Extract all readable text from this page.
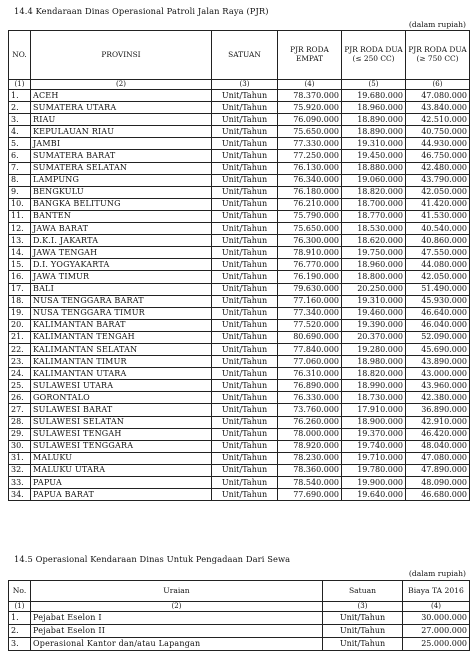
14.4 Kendaraan Dinas Operasional Patroli Jalan Raya (PJR)
(dalam rupiah)
NO.	PROVINSI	SATUAN	PJR RODA EMPAT	PJR RODA DUA (≤ 250 CC)	PJR RODA DUA (≥ 750 CC)
(1)	(2)	(3)	(4)	(5)	(6)
1.	ACEH	Unit/Tahun	78.370.000	19.680.000	47.080.000
2.	SUMATERA UTARA	Unit/Tahun	75.920.000	18.960.000	43.840.000
3.	RIAU	Unit/Tahun	76.090.000	18.890.000	42.510.000
4.	KEPULAUAN RIAU	Unit/Tahun	75.650.000	18.890.000	40.750.000
5.	JAMBI	Unit/Tahun	77.330.000	19.310.000	44.930.000
6.	SUMATERA BARAT	Unit/Tahun	77.250.000	19.450.000	46.750.000
7.	SUMATERA SELATAN	Unit/Tahun	76.130.000	18.880.000	42.480.000
8.	LAMPUNG	Unit/Tahun	76.340.000	19.060.000	43.790.000
9.	BENGKULU	Unit/Tahun	76.180.000	18.820.000	42.050.000
10.	BANGKA BELITUNG	Unit/Tahun	76.210.000	18.700.000	41.420.000
11.	BANTEN	Unit/Tahun	75.790.000	18.770.000	41.530.000
12.	JAWA BARAT	Unit/Tahun	75.650.000	18.530.000	40.540.000
13.	D.K.I. JAKARTA	Unit/Tahun	76.300.000	18.620.000	40.860.000
14.	JAWA TENGAH	Unit/Tahun	78.910.000	19.750.000	47.550.000
15.	D.I. YOGYAKARTA	Unit/Tahun	76.770.000	18.960.000	44.080.000
16.	JAWA TIMUR	Unit/Tahun	76.190.000	18.800.000	42.050.000
17.	BALI	Unit/Tahun	79.630.000	20.250.000	51.490.000
18.	NUSA TENGGARA BARAT	Unit/Tahun	77.160.000	19.310.000	45.930.000
19.	NUSA TENGGARA TIMUR	Unit/Tahun	77.340.000	19.460.000	46.640.000
20.	KALIMANTAN BARAT	Unit/Tahun	77.520.000	19.390.000	46.040.000
21.	KALIMANTAN TENGAH	Unit/Tahun	80.690.000	20.370.000	52.090.000
22.	KALIMANTAN SELATAN	Unit/Tahun	77.840.000	19.280.000	45.690.000
23.	KALIMANTAN TIMUR	Unit/Tahun	77.060.000	18.980.000	43.890.000
24.	KALIMANTAN UTARA	Unit/Tahun	76.310.000	18.820.000	43.000.000
25.	SULAWESI UTARA	Unit/Tahun	76.890.000	18.990.000	43.960.000
26.	GORONTALO	Unit/Tahun	76.330.000	18.730.000	42.380.000
27.	SULAWESI BARAT	Unit/Tahun	73.760.000	17.910.000	36.890.000
28.	SULAWESI SELATAN	Unit/Tahun	76.260.000	18.900.000	42.910.000
29.	SULAWESI TENGAH	Unit/Tahun	78.000.000	19.370.000	46.420.000
30.	SULAWESI TENGGARA	Unit/Tahun	78.920.000	19.740.000	48.040.000
31.	MALUKU	Unit/Tahun	78.230.000	19.710.000	47.080.000
32.	MALUKU UTARA	Unit/Tahun	78.360.000	19.780.000	47.890.000
33.	PAPUA	Unit/Tahun	78.540.000	19.900.000	48.090.000
34.	PAPUA BARAT	Unit/Tahun	77.690.000	19.640.000	46.680.000
14.5 Operasional Kendaraan Dinas Untuk Pengadaan Dari Sewa
(dalam rupiah)
No.	Uraian	Satuan	Biaya TA 2016
(1)	(2)	(3)	(4)
1.	Pejabat Eselon I	Unit/Tahun	30.000.000
2.	Pejabat Eselon II	Unit/Tahun	27.000.000
3.	Operasional Kantor dan/atau Lapangan	Unit/Tahun	25.000.000
